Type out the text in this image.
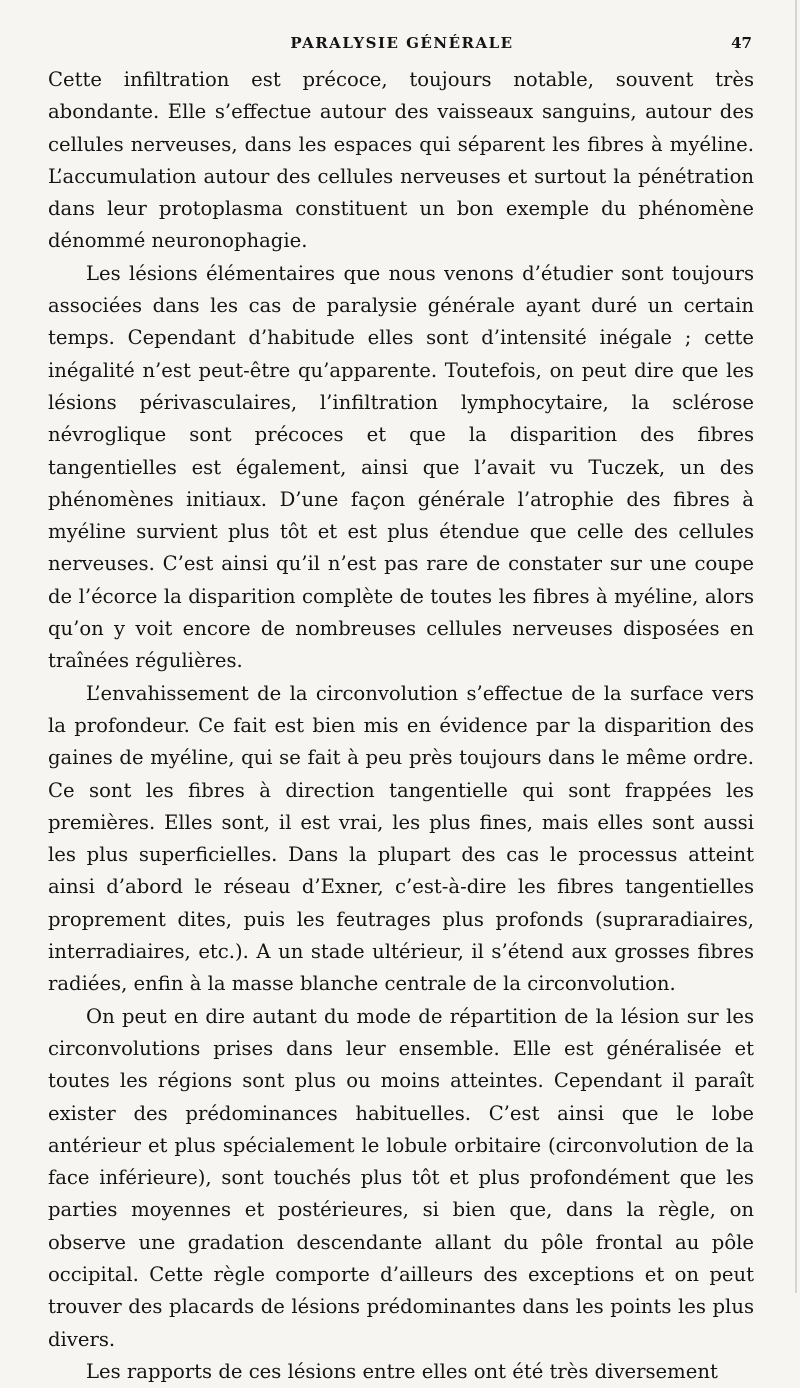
PARALYSIE GÉNÉRALE	47

Cette infiltration est précoce, toujours notable, souvent très abondante. Elle s’effectue autour des vaisseaux sanguins, autour des cellules nerveuses, dans les espaces qui séparent les fibres à myéline. L’accumulation autour des cellules nerveuses et surtout la pénétration dans leur protoplasma constituent un bon exemple du phénomène dénommé neuronophagie.

Les lésions élémentaires que nous venons d’étudier sont toujours associées dans les cas de paralysie générale ayant duré un certain temps. Cependant d’habitude elles sont d’intensité inégale ; cette inégalité n’est peut-être qu’apparente. Toutefois, on peut dire que les lésions périvasculaires, l’infiltration lymphocytaire, la sclérose névroglique sont précoces et que la disparition des fibres tangentielles est également, ainsi que l’avait vu Tuczek, un des phénomènes initiaux. D’une façon générale l’atrophie des fibres à myéline survient plus tôt et est plus étendue que celle des cellules nerveuses. C’est ainsi qu’il n’est pas rare de constater sur une coupe de l’écorce la disparition complète de toutes les fibres à myéline, alors qu’on y voit encore de nombreuses cellules nerveuses disposées en traînées régulières.

L’envahissement de la circonvolution s’effectue de la surface vers la profondeur. Ce fait est bien mis en évidence par la disparition des gaines de myéline, qui se fait à peu près toujours dans le même ordre. Ce sont les fibres à direction tangentielle qui sont frappées les premières. Elles sont, il est vrai, les plus fines, mais elles sont aussi les plus superficielles. Dans la plupart des cas le processus atteint ainsi d’abord le réseau d’Exner, c’est-à-dire les fibres tangentielles proprement dites, puis les feutrages plus profonds (supraradiaires, interradiaires, etc.). A un stade ultérieur, il s’étend aux grosses fibres radiées, enfin à la masse blanche centrale de la circonvolution.

On peut en dire autant du mode de répartition de la lésion sur les circonvolutions prises dans leur ensemble. Elle est généralisée et toutes les régions sont plus ou moins atteintes. Cependant il paraît exister des prédominances habituelles. C’est ainsi que le lobe antérieur et plus spécialement le lobule orbitaire (circonvolution de la face inférieure), sont touchés plus tôt et plus profondément que les parties moyennes et postérieures, si bien que, dans la règle, on observe une gradation descendante allant du pôle frontal au pôle occipital. Cette règle comporte d’ailleurs des exceptions et on peut trouver des placards de lésions prédominantes dans les points les plus divers.

Les rapports de ces lésions entre elles ont été très diversement
